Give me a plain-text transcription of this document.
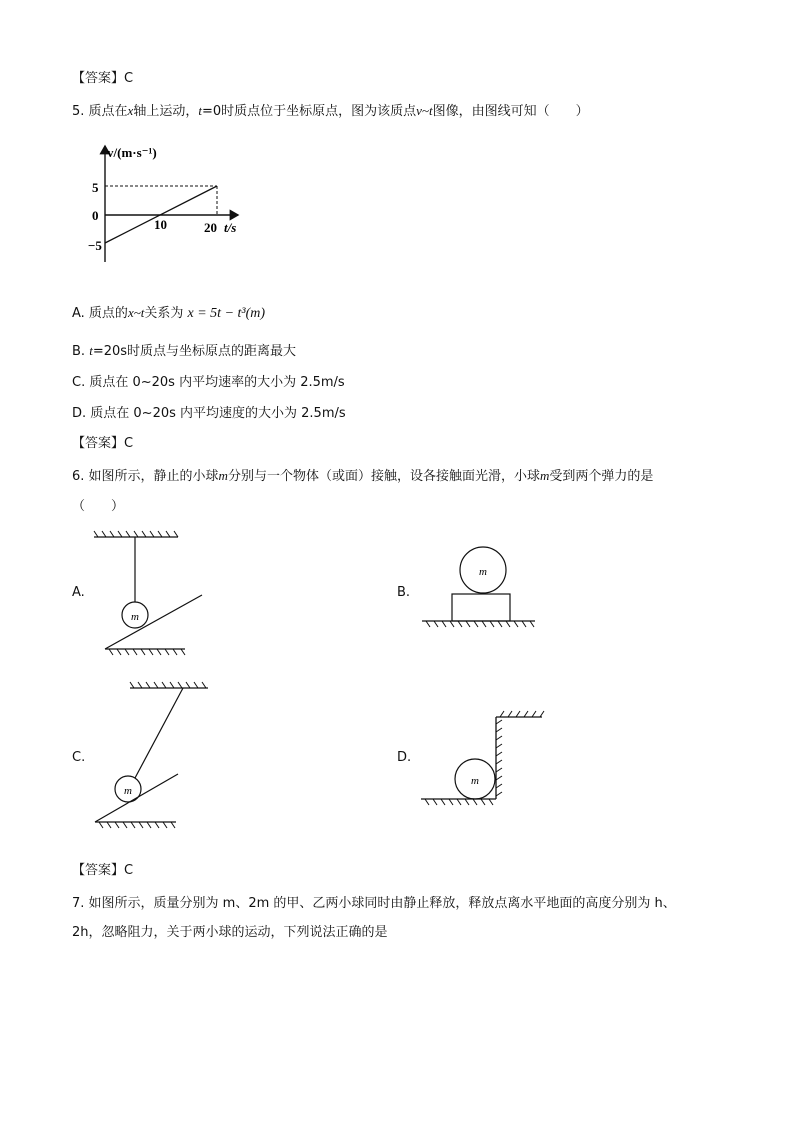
【答案】C
5. 质点在x轴上运动，t=0时质点位于坐标原点，图为该质点v~t图像，由图线可知（　　）
v/(m·s⁻¹)
t/s
5
0
−5
10	20
A. 质点的x~t关系为 x = 5t − t³(m)
B. t=20s时质点与坐标原点的距离最大
C. 质点在 0~20s 内平均速率的大小为 2.5m/s
D. 质点在 0~20s 内平均速度的大小为 2.5m/s
【答案】C
6. 如图所示，静止的小球m分别与一个物体（或面）接触，设各接触面光滑，小球m受到两个弹力的是
（　　）
A.	B.
C.	D.
m
m
m
m
【答案】C
7. 如图所示，质量分别为 m、2m 的甲、乙两小球同时由静止释放，释放点离水平地面的高度分别为 h、
2h，忽略阻力，关于两小球的运动，下列说法正确的是
